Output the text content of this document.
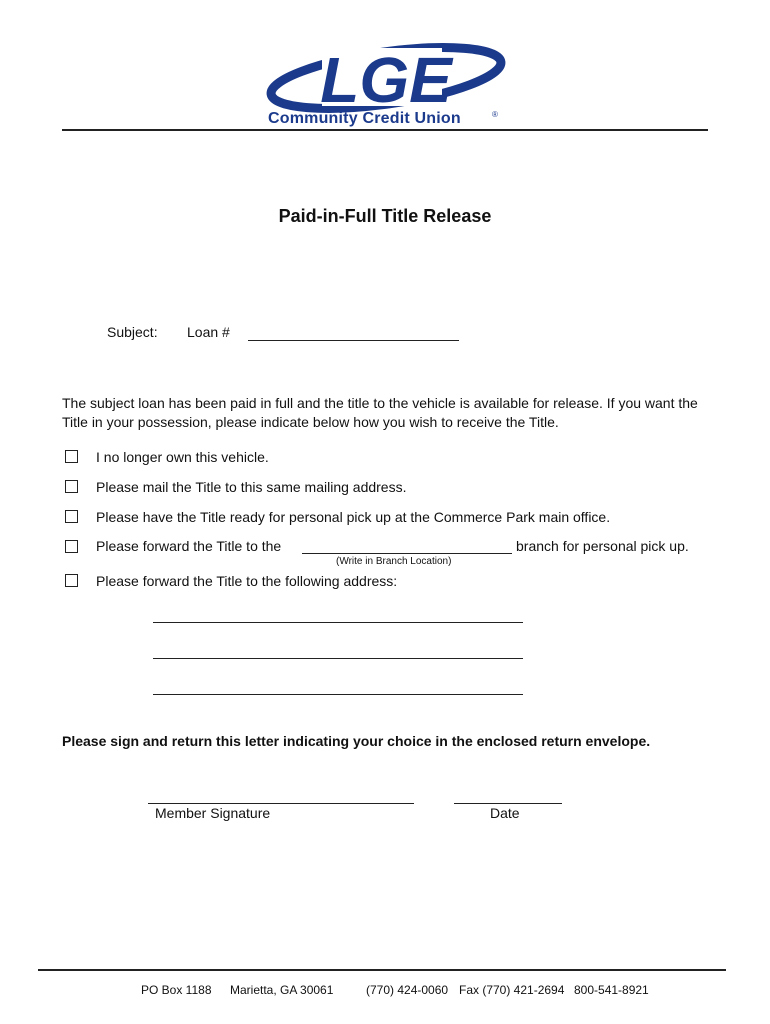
LGE
Community Credit Union	®
Paid-in-Full Title Release
Subject: Loan #
The subject loan has been paid in full and the title to the vehicle is available for release. If you want the Title in your possession, please indicate below how you wish to receive the Title.
I no longer own this vehicle.
Please mail the Title to this same mailing address.
Please have the Title ready for personal pick up at the Commerce Park main office.
Please forward the Title to the	branch for personal pick up.
(Write in Branch Location)
Please forward the Title to the following address:
Please sign and return this letter indicating your choice in the enclosed return envelope.
Member Signature	Date
PO Box 1188 Marietta, GA 30061	(770) 424-0060 Fax (770) 421-2694 800-541-8921
